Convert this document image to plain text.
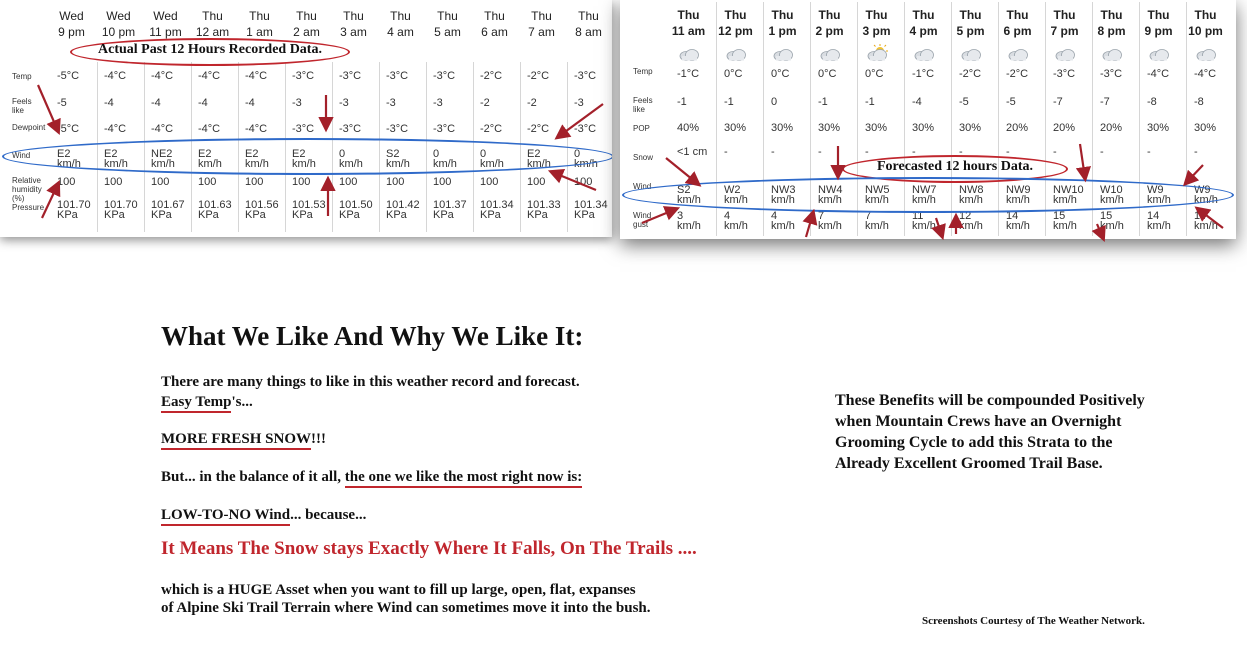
Wed
9 pm
-5°C
-5
-5°C
E2
km/h
100
101.70
KPa
Wed
10 pm
-4°C
-4
-4°C
E2
km/h
100
101.70
KPa
Wed
11 pm
-4°C
-4
-4°C
NE2
km/h
100
101.67
KPa
Thu
12 am
-4°C
-4
-4°C
E2
km/h
100
101.63
KPa
Thu
1 am
-4°C
-4
-4°C
E2
km/h
100
101.56
KPa
Thu
2 am
-3°C
-3
-3°C
E2
km/h
100
101.53
KPa
Thu
3 am
-3°C
-3
-3°C
0
km/h
100
101.50
KPa
Thu
4 am
-3°C
-3
-3°C
S2
km/h
100
101.42
KPa
Thu
5 am
-3°C
-3
-3°C
0
km/h
100
101.37
KPa
Thu
6 am
-2°C
-2
-2°C
0
km/h
100
101.34
KPa
Thu
7 am
-2°C
-2
-2°C
E2
km/h
100
101.33
KPa
Thu
8 am
-3°C
-3
-3°C
0
km/h
100
101.34
KPa
Temp
Feels
like
Dewpoint
Wind
Relative
humidity
(%)
Pressure
Actual Past 12 Hours Recorded Data.
Thu
11 am
-1°C
-1
40%
<1 cm
S2
km/h
3
km/h
Thu
12 pm
0°C
-1
30%
-
W2
km/h
4
km/h
Thu
1 pm
0°C
0
30%
-
NW3
km/h
4
km/h
Thu
2 pm
0°C
-1
30%
-
NW4
km/h
7
km/h
Thu
3 pm
0°C
-1
30%
-
NW5
km/h
7
km/h
Thu
4 pm
-1°C
-4
30%
-
NW7
km/h
11
km/h
Thu
5 pm
-2°C
-5
30%
-
NW8
km/h
12
km/h
Thu
6 pm
-2°C
-5
20%
-
NW9
km/h
14
km/h
Thu
7 pm
-3°C
-7
20%
-
NW10
km/h
15
km/h
Thu
8 pm
-3°C
-7
20%
-
W10
km/h
15
km/h
Thu
9 pm
-4°C
-8
30%
-
W9
km/h
14
km/h
Thu
10 pm
-4°C
-8
30%
-
W9
km/h
14
km/h
Temp
Feels
like
POP
Snow
Wind
Wind
gust
Forecasted 12 hours Data.
What We Like And Why We Like It:
There are many things to like in this weather record and forecast.
Easy Temp's...
MORE FRESH SNOW!!!
But... in the balance of it all, the one we like the most right now is:
LOW-TO-NO Wind... because...
It Means The Snow stays Exactly Where It Falls, On The Trails ....
which is a HUGE Asset when you want to fill up large, open, flat, expanses
of Alpine Ski Trail Terrain where Wind can sometimes move it into the bush.
These Benefits will be compounded Positively
when Mountain Crews have an Overnight
Grooming Cycle to add this Strata to the
Already Excellent Groomed Trail Base.
Screenshots Courtesy of The Weather Network.
